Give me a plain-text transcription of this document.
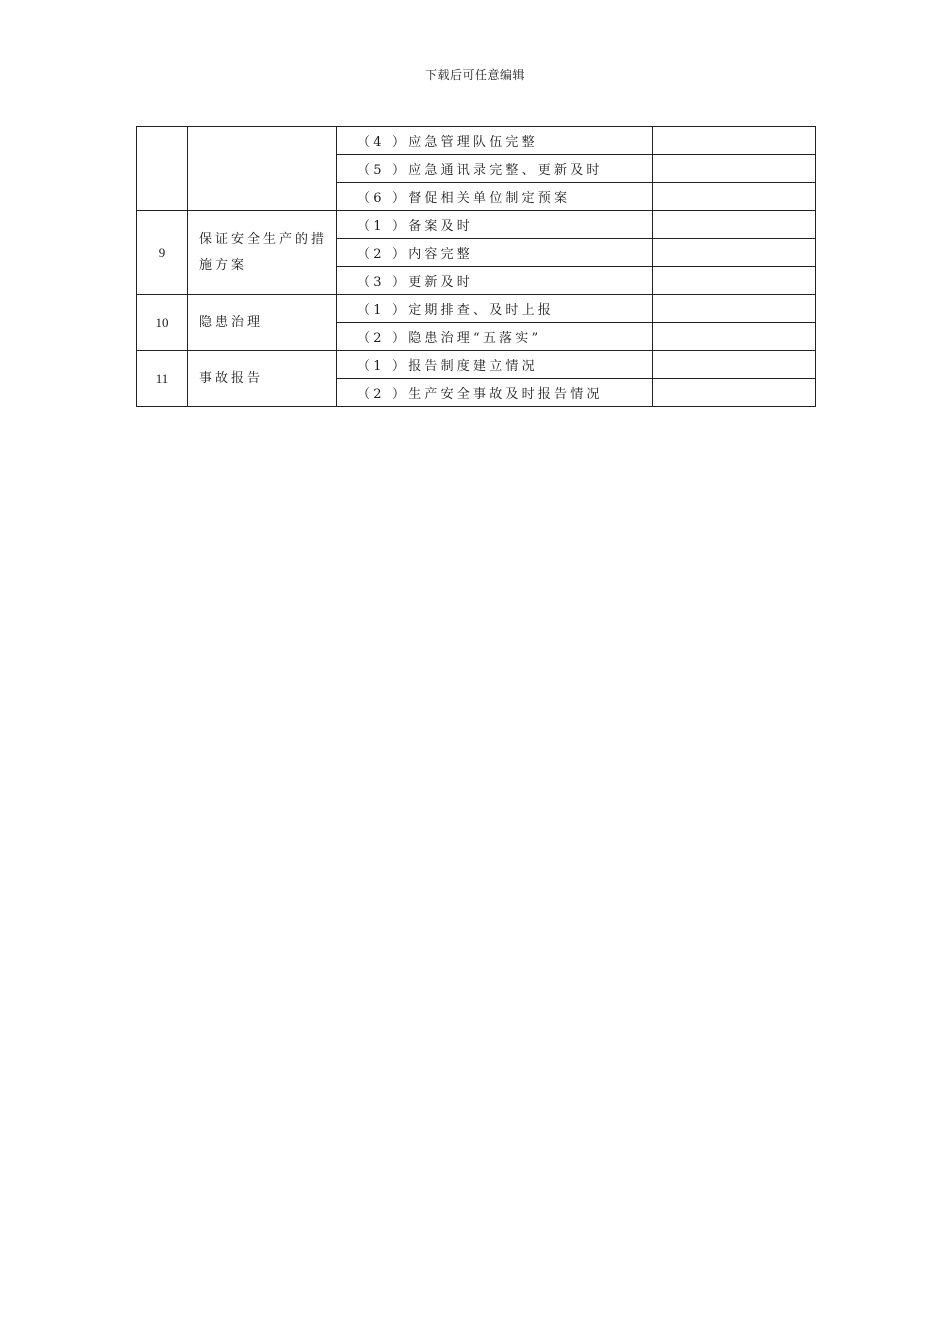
下载后可任意编辑
		（4 ）应急管理队伍完整	
		（5 ）应急通讯录完整、更新及时	
		（6 ）督促相关单位制定预案	
9	保证安全生产的措施方案	（1 ）备案及时	
		（2 ）内容完整	
		（3 ）更新及时	
10	隐患治理	（1 ）定期排查、及时上报	
		（2 ）隐患治理“五落实”	
11	事故报告	（1 ）报告制度建立情况	
		（2 ）生产安全事故及时报告情况	
